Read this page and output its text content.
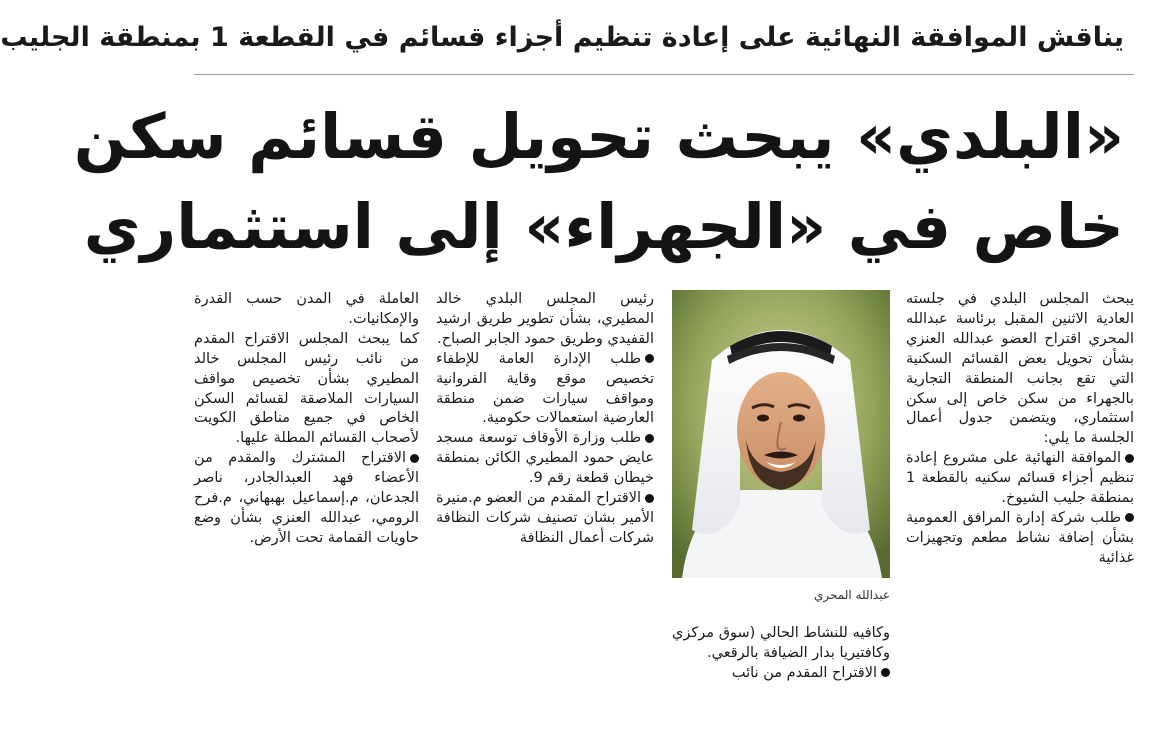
يناقش الموافقة النهائية على إعادة تنظيم أجزاء قسائم في القطعة 1 بمنطقة الجليب
«البلدي» يبحث تحويل قسائم سكن
خاص في «الجهراء» إلى استثماري

يبحث المجلس البلدي في جلسته العادية الاثنين المقبل برئاسة عبدالله المحري اقتراح العضو عبدالله العنزي بشأن تحويل بعض القسائم السكنية التي تقع بجانب المنطقة التجارية بالجهراء من سكن خاص إلى سكن استثماري، ويتضمن جدول أعمال الجلسة ما يلي:

الموافقة النهائية على مشروع إعادة تنظيم أجزاء قسائم سكنيه بالقطعة 1 بمنطقة جليب الشيوخ.

طلب شركة إدارة المرافق العمومية بشأن إضافة نشاط مطعم وتجهيزات غذائية

عبدالله المحري

وكافيه للنشاط الحالي (سوق مركزي وكافتيريا بدار الضيافة بالرقعي.

الاقتراح المقدم من نائب

رئيس المجلس البلدي خالد المطيري، بشأن تطوير طريق ارشيد القفيدي وطريق حمود الجابر الصباح.

طلب الإدارة العامة للإطفاء تخصيص موقع وقاية الفروانية ومواقف سيارات ضمن منطقة العارضية استعمالات حكومية.

طلب وزارة الأوقاف توسعة مسجد عايض حمود المطيري الكائن بمنطقة خيطان قطعة رقم 9.

الاقتراح المقدم من العضو م.منيرة الأمير بشان تصنيف شركات النظافة شركات أعمال النظافة

العاملة في المدن حسب القدرة والإمكانيات.

كما يبحث المجلس الاقتراح المقدم من نائب رئيس المجلس خالد المطيري بشأن تخصيص مواقف السيارات الملاصقة لقسائم السكن الخاص في جميع مناطق الكويت لأصحاب القسائم المطلة عليها.

الاقتراح المشترك والمقدم من الأعضاء فهد العبدالجادر، ناصر الجدعان، م.إسماعيل بهبهاني، م.فرح الرومي، عبدالله العنزي بشأن وضع حاويات القمامة تحت الأرض.
